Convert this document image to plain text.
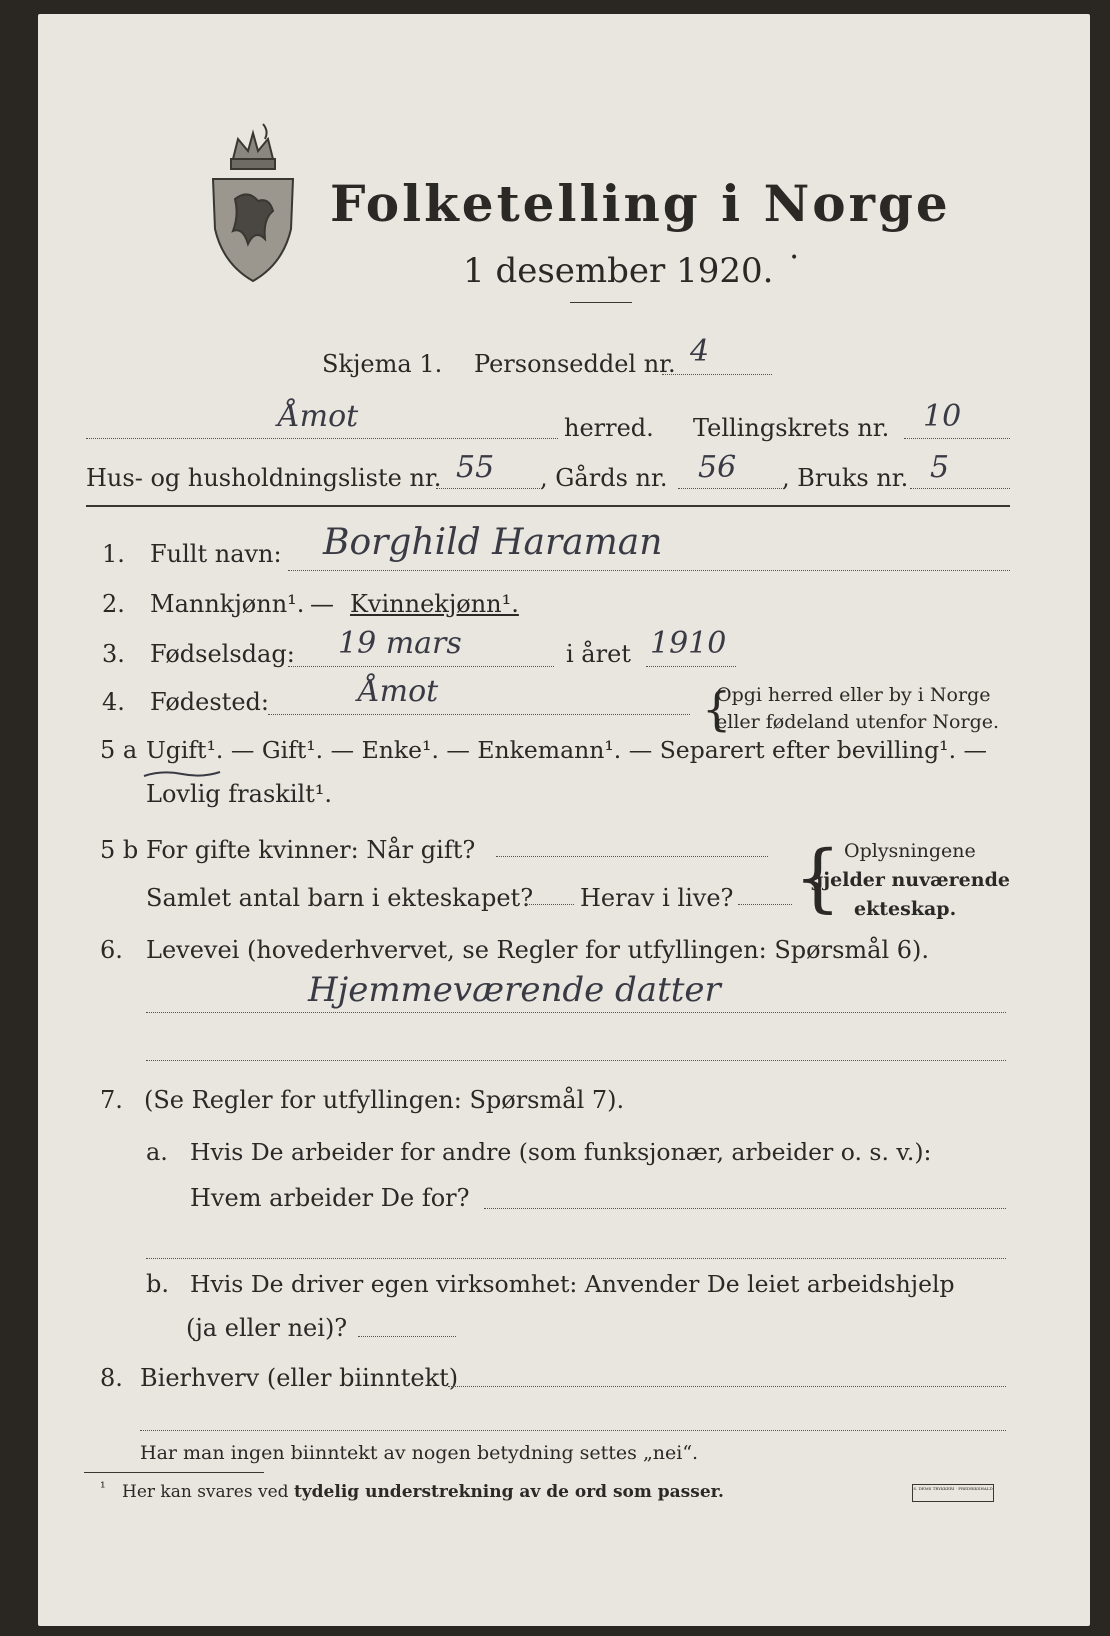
Folketelling i Norge
1 desember 1920. •
Skjema 1. Personseddel nr. 4
Åmot	herred. Tellingskrets nr. 10
Hus- og husholdningsliste nr. 55 , Gårds nr. 56 , Bruks nr. 5
1. Fullt navn: Borghild Haraman
2. Mannkjønn¹. — Kvinnekjønn¹.
3. Fødselsdag: 19 mars	i året 1910
4. Fødested:	Åmot	{
Opgi herred eller by i Norge
eller fødeland utenfor Norge.
5 a Ugift¹. — Gift¹. — Enke¹. — Enkemann¹. — Separert efter bevilling¹. —
Lovlig fraskilt¹.
5 b For gifte kvinner: Når gift?
Samlet antal barn i ekteskapet? Herav i live? { Oplysningene
gjelder nuværende
ekteskap.
6. Levevei (hovederhvervet, se Regler for utfyllingen: Spørsmål 6).
Hjemmeværende datter
7. (Se Regler for utfyllingen: Spørsmål 7).
a. Hvis De arbeider for andre (som funksjonær, arbeider o. s. v.):
Hvem arbeider De for?
b. Hvis De driver egen virksomhet: Anvender De leiet arbeidshjelp
(ja eller nei)?
8. Bierhverv (eller biinntekt)
Har man ingen biinntekt av nogen betydning settes „nei“.
¹ Her kan svares ved tydelig understrekning av de ord som passer.	S. DEMS TRYKKERI · FREDRIKSHALD
